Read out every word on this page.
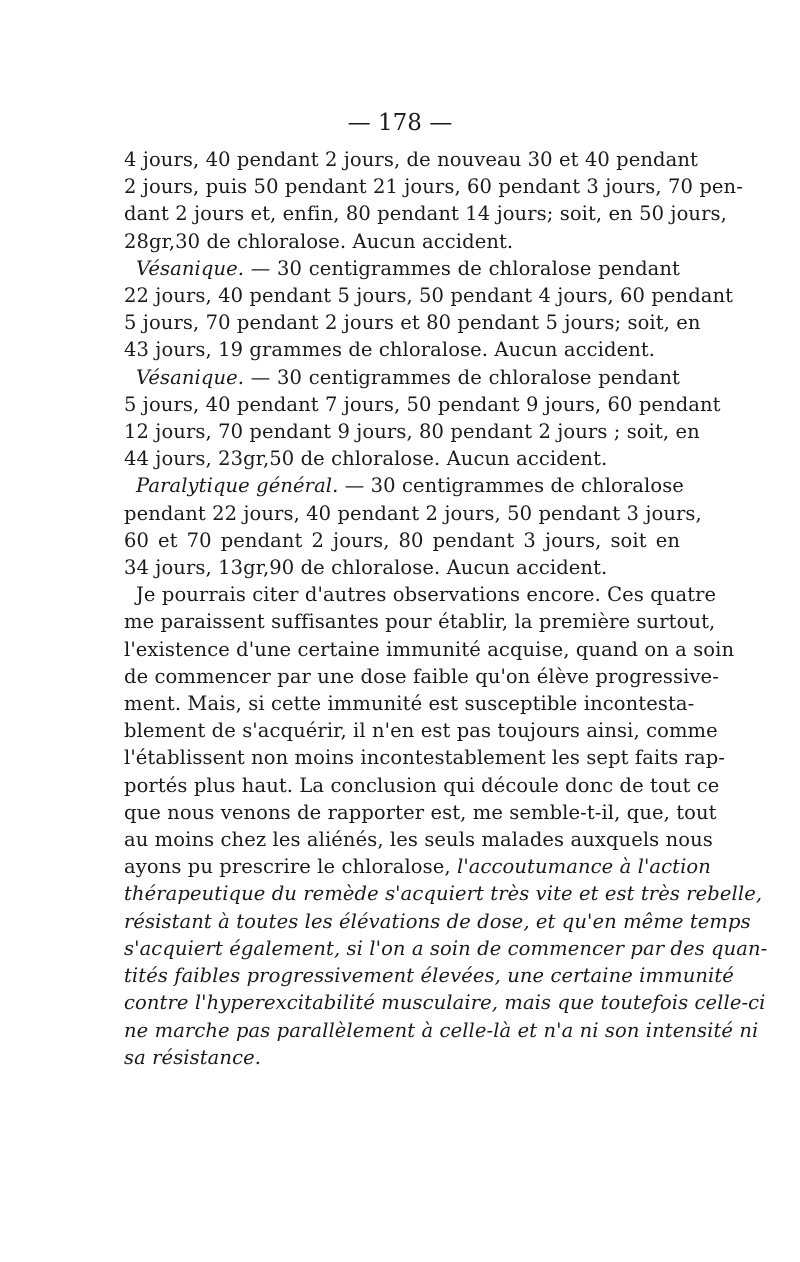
— 178 —
4 jours, 40 pendant 2 jours, de nouveau 30 et 40 pendant
2 jours, puis 50 pendant 21 jours, 60 pendant 3 jours, 70 pen-
dant 2 jours et, enfin, 80 pendant 14 jours; soit, en 50 jours,
28gr,30 de chloralose. Aucun accident.
Vésanique. — 30 centigrammes de chloralose pendant
22 jours, 40 pendant 5 jours, 50 pendant 4 jours, 60 pendant
5 jours, 70 pendant 2 jours et 80 pendant 5 jours; soit, en
43 jours, 19 grammes de chloralose. Aucun accident.
Vésanique. — 30 centigrammes de chloralose pendant
5 jours, 40 pendant 7 jours, 50 pendant 9 jours, 60 pendant
12 jours, 70 pendant 9 jours, 80 pendant 2 jours ; soit, en
44 jours, 23gr,50 de chloralose. Aucun accident.
Paralytique général. — 30 centigrammes de chloralose
pendant 22 jours, 40 pendant 2 jours, 50 pendant 3 jours,
60 et 70 pendant 2 jours, 80 pendant 3 jours, soit en
34 jours, 13gr,90 de chloralose. Aucun accident.
Je pourrais citer d'autres observations encore. Ces quatre
me paraissent suffisantes pour établir, la première surtout,
l'existence d'une certaine immunité acquise, quand on a soin
de commencer par une dose faible qu'on élève progressive-
ment. Mais, si cette immunité est susceptible incontesta-
blement de s'acquérir, il n'en est pas toujours ainsi, comme
l'établissent non moins incontestablement les sept faits rap-
portés plus haut. La conclusion qui découle donc de tout ce
que nous venons de rapporter est, me semble-t-il, que, tout
au moins chez les aliénés, les seuls malades auxquels nous
ayons pu prescrire le chloralose, l'accoutumance à l'action
thérapeutique du remède s'acquiert très vite et est très rebelle,
résistant à toutes les élévations de dose, et qu'en même temps
s'acquiert également, si l'on a soin de commencer par des quan-
tités faibles progressivement élevées, une certaine immunité
contre l'hyperexcitabilité musculaire, mais que toutefois celle-ci
ne marche pas parallèlement à celle-là et n'a ni son intensité ni
sa résistance.
